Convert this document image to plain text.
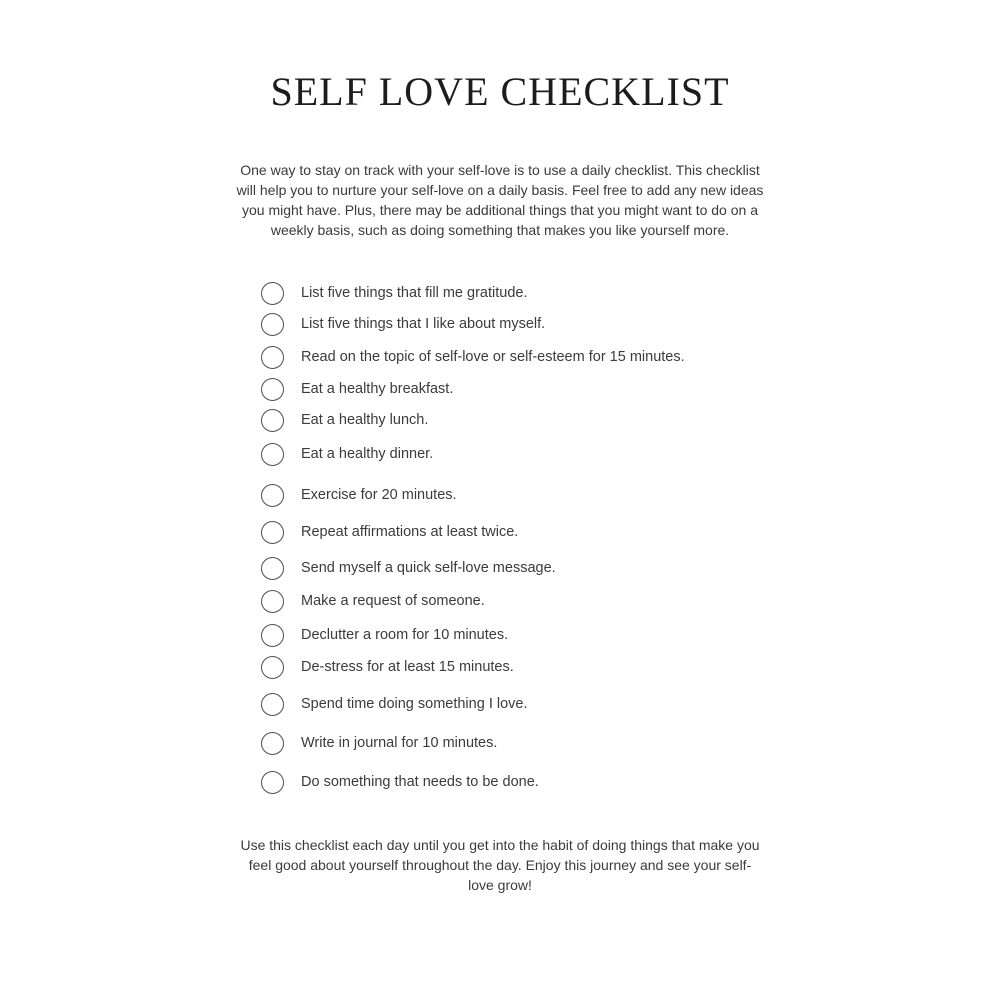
SELF LOVE CHECKLIST
One way to stay on track with your self-love is to use a daily checklist. This checklist
will help you to nurture your self-love on a daily basis. Feel free to add any new ideas
you might have. Plus, there may be additional things that you might want to do on a
weekly basis, such as doing something that makes you like yourself more.
List five things that fill me gratitude.
List five things that I like about myself.
Read on the topic of self-love or self-esteem for 15 minutes.
Eat a healthy breakfast.
Eat a healthy lunch.
Eat a healthy dinner.
Exercise for 20 minutes.
Repeat affirmations at least twice.
Send myself a quick self-love message.
Make a request of someone.
Declutter a room for 10 minutes.
De-stress for at least 15 minutes.
Spend time doing something I love.
Write in journal for 10 minutes.
Do something that needs to be done.
Use this checklist each day until you get into the habit of doing things that make you
feel good about yourself throughout the day. Enjoy this journey and see your self-
love grow!
